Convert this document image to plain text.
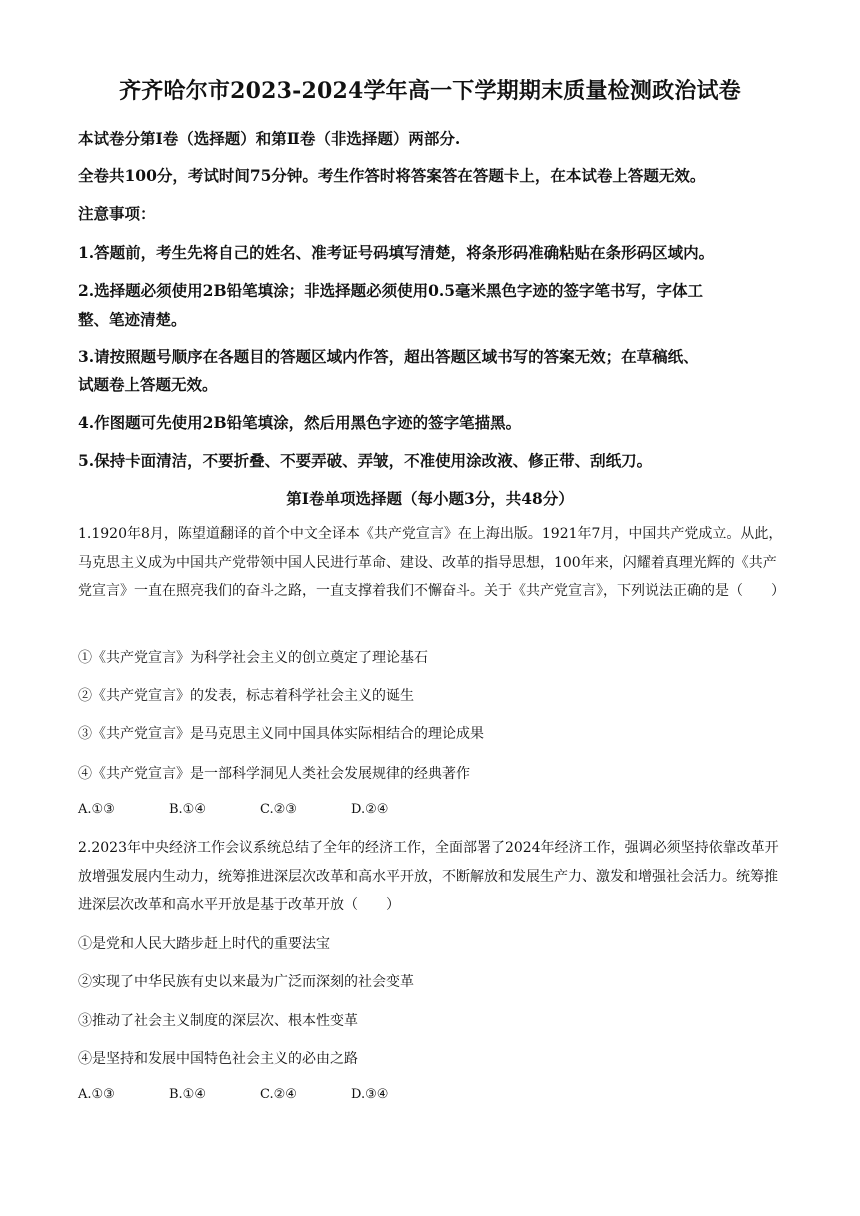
齐齐哈尔市2023-2024学年高一下学期期末质量检测政治试卷
本试卷分第Ⅰ卷（选择题）和第Ⅱ卷（非选择题）两部分.
全卷共100分，考试时间75分钟。考生作答时将答案答在答题卡上，在本试卷上答题无效。
注意事项：
1.答题前，考生先将自己的姓名、准考证号码填写清楚，将条形码准确粘贴在条形码区域内。
2.选择题必须使用2B铅笔填涂；非选择题必须使用0.5毫米黑色字迹的签字笔书写，字体工
整、笔迹清楚。
3.请按照题号顺序在各题目的答题区域内作答，超出答题区域书写的答案无效；在草稿纸、
试题卷上答题无效。
4.作图题可先使用2B铅笔填涂，然后用黑色字迹的签字笔描黑。
5.保持卡面清洁，不要折叠、不要弄破、弄皱，不准使用涂改液、修正带、刮纸刀。
第Ⅰ卷单项选择题（每小题3分，共48分）
1.1920年8月，陈望道翻译的首个中文全译本《共产党宣言》在上海出版。1921年7月，中国共产党成立。从此，马克思主义成为中国共产党带领中国人民进行革命、建设、改革的指导思想，100年来，闪耀着真理光辉的《共产党宣言》一直在照亮我们的奋斗之路，一直支撑着我们不懈奋斗。关于《共产党宣言》，下列说法正确的是（　　）
①《共产党宣言》为科学社会主义的创立奠定了理论基石
②《共产党宣言》的发表，标志着科学社会主义的诞生
③《共产党宣言》是马克思主义同中国具体实际相结合的理论成果
④《共产党宣言》是一部科学洞见人类社会发展规律的经典著作
A.①③	B.①④	C.②③	D.②④
2.2023年中央经济工作会议系统总结了全年的经济工作，全面部署了2024年经济工作，强调必须坚持依靠改革开放增强发展内生动力，统筹推进深层次改革和高水平开放，不断解放和发展生产力、激发和增强社会活力。统筹推进深层次改革和高水平开放是基于改革开放（　　）
①是党和人民大踏步赶上时代的重要法宝
②实现了中华民族有史以来最为广泛而深刻的社会变革
③推动了社会主义制度的深层次、根本性变革
④是坚持和发展中国特色社会主义的必由之路
A.①③	B.①④	C.②④	D.③④
